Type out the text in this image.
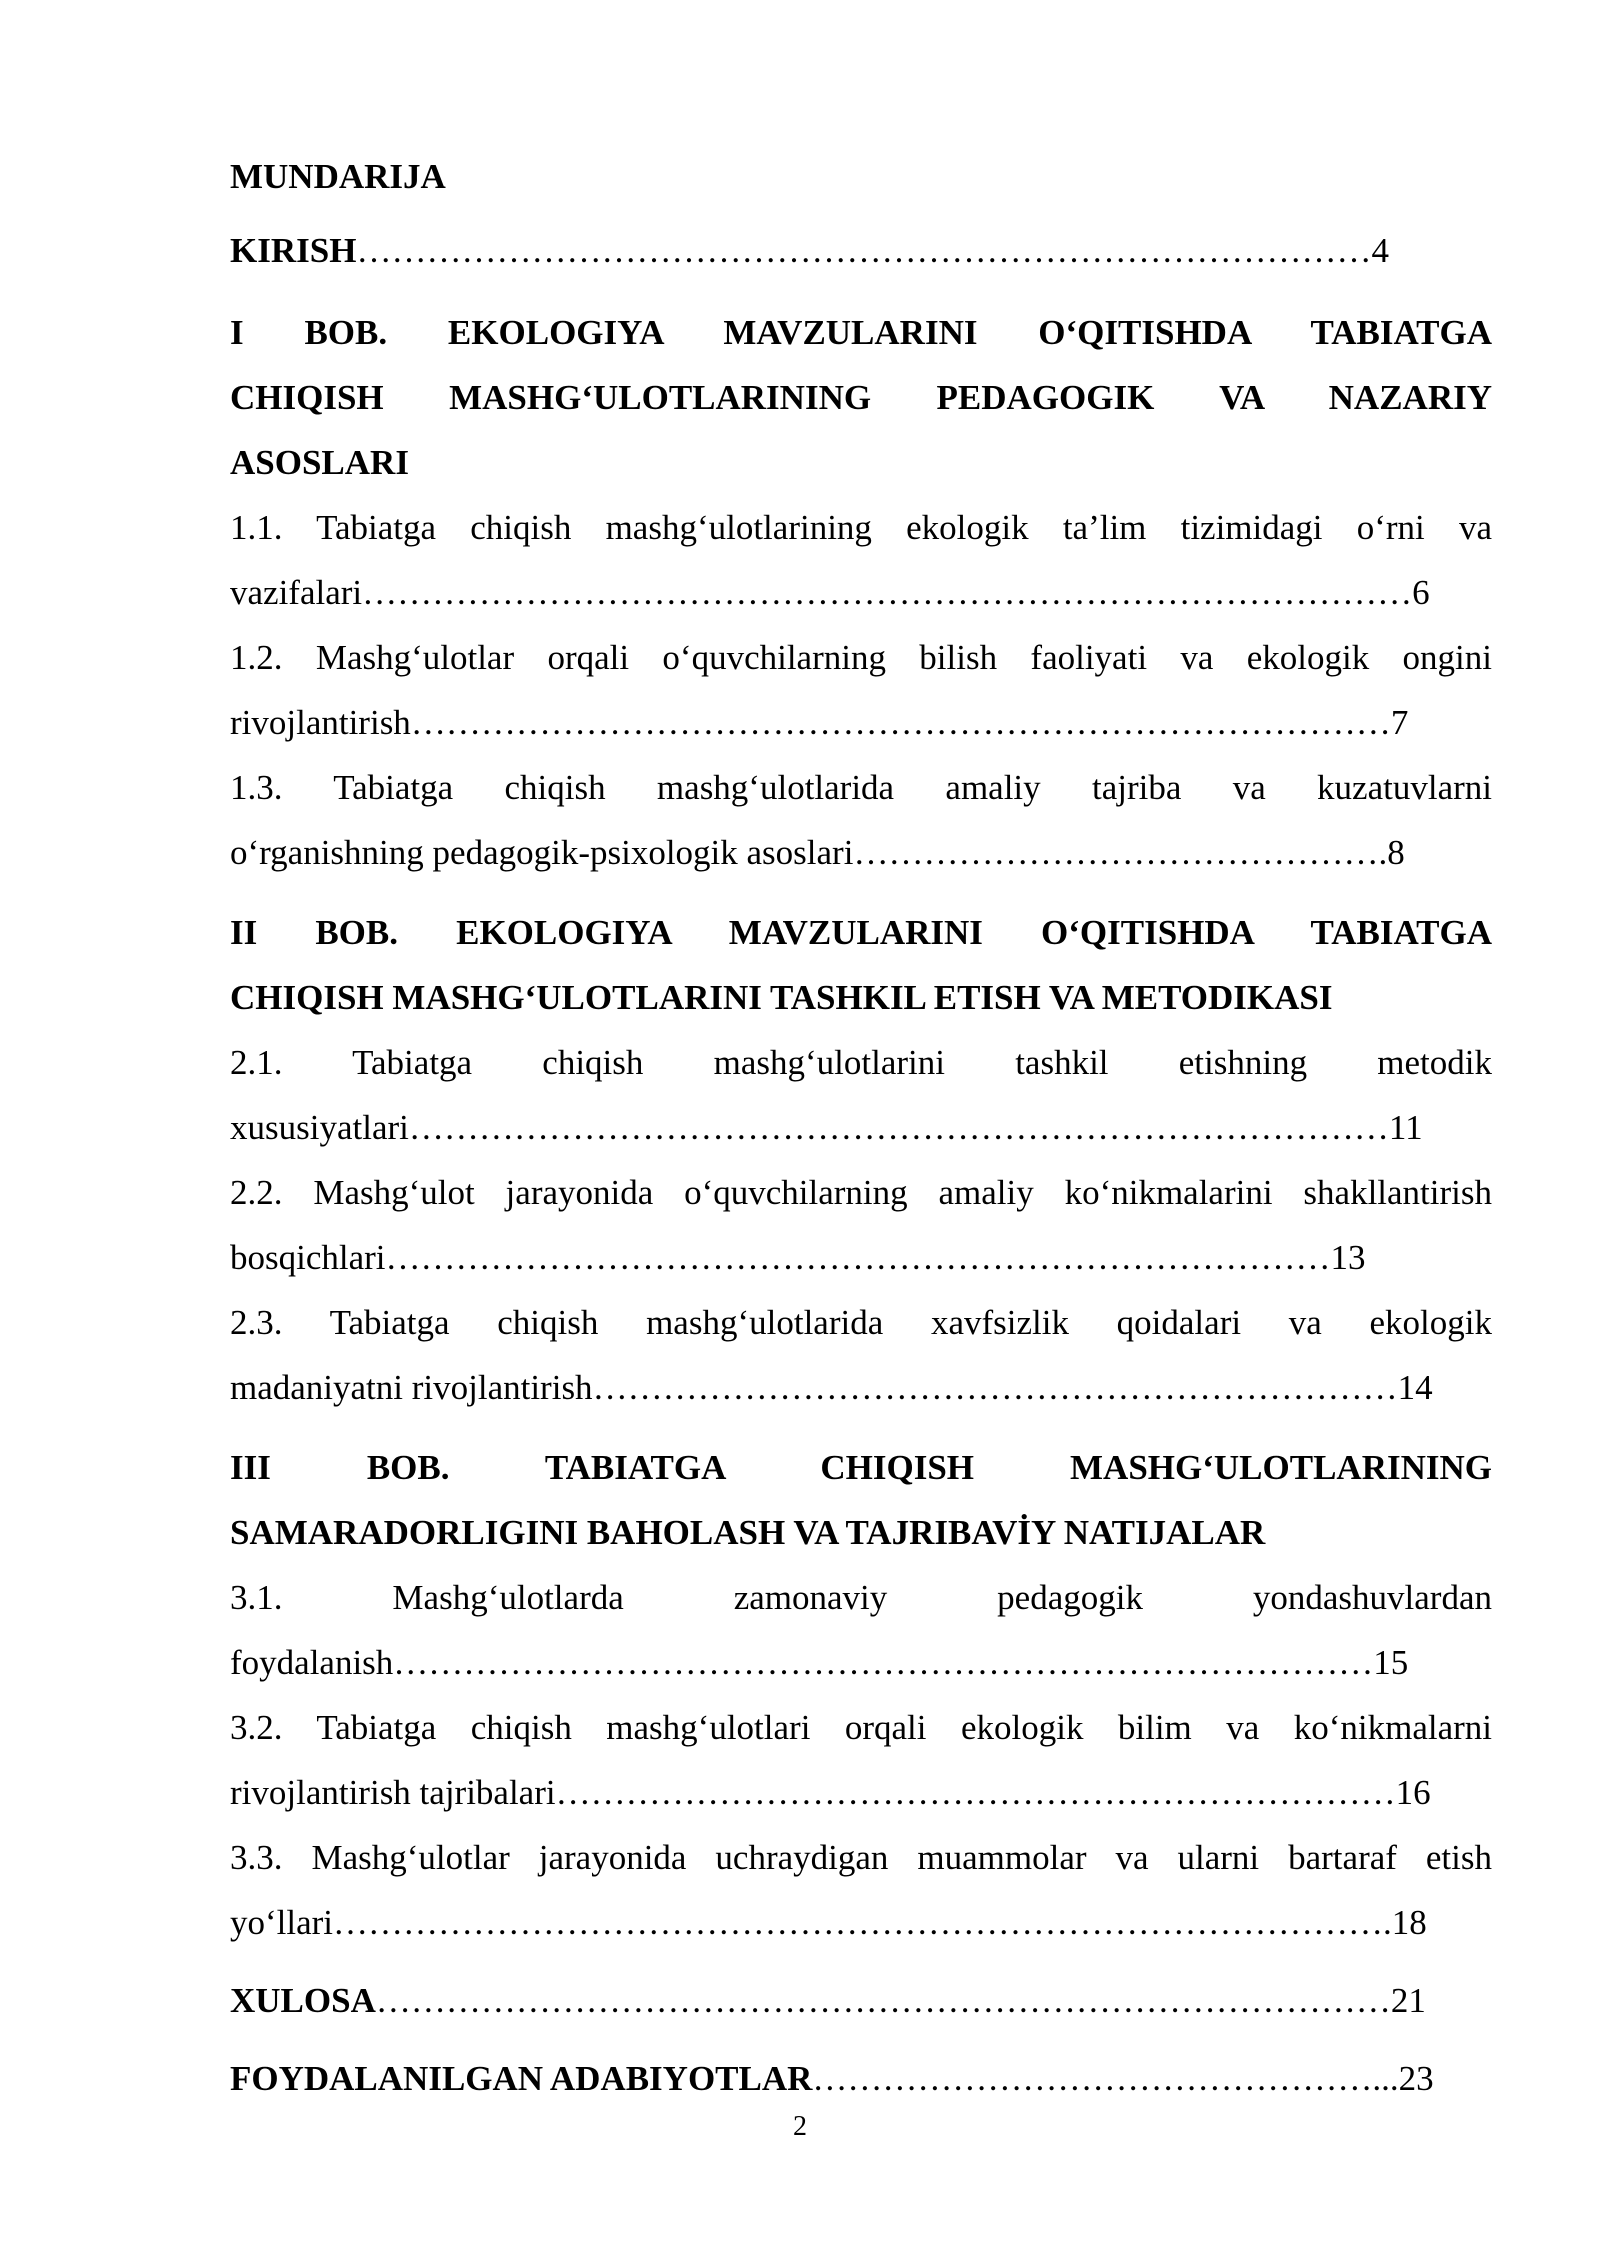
MUNDARIJA
KIRISH……………………………………………………………………………4
I BOB. EKOLOGIYA MAVZULARINI O‘QITISHDA TABIATGA
CHIQISH MASHG‘ULOTLARINING PEDAGOGIK VA NAZARIY
ASOSLARI
1.1. Tabiatga chiqish mashg‘ulotlarining ekologik ta’lim tizimidagi o‘rni va
vazifalari………………………………………………………………………………6
1.2. Mashg‘ulotlar orqali o‘quvchilarning bilish faoliyati va ekologik ongini
rivojlantirish…………………………………………………………………………7
1.3. Tabiatga chiqish mashg‘ulotlarida amaliy tajriba va kuzatuvlarni
o‘rganishning pedagogik-psixologik asoslari……………………………………….8
II BOB. EKOLOGIYA MAVZULARINI O‘QITISHDA TABIATGA
CHIQISH MASHG‘ULOTLARINI TASHKIL ETISH VA METODIKASI
2.1. Tabiatga chiqish mashg‘ulotlarini tashkil etishning metodik
xususiyatlari…………………………………………………………………………11
2.2. Mashg‘ulot jarayonida o‘quvchilarning amaliy ko‘nikmalarini shakllantirish
bosqichlari………………………………………………………………………13
2.3. Tabiatga chiqish mashg‘ulotlarida xavfsizlik qoidalari va ekologik
madaniyatni rivojlantirish……………………………………………………………14
III BOB. TABIATGA CHIQISH MASHG‘ULOTLARINING
SAMARADORLIGINI BAHOLASH VA TAJRIBAVİY NATIJALAR
3.1. Mashg‘ulotlarda zamonaviy pedagogik yondashuvlardan
foydalanish…………………………………………………………………………15
3.2. Tabiatga chiqish mashg‘ulotlari orqali ekologik bilim va ko‘nikmalarni
rivojlantirish tajribalari………………………………………………………………16
3.3. Mashg‘ulotlar jarayonida uchraydigan muammolar va ularni bartaraf etish
yo‘llari……………………………………………………………………………….18
XULOSA……………………………………………………………………………21
FOYDALANILGAN ADABIYOTLAR…………………………………………...23
2
